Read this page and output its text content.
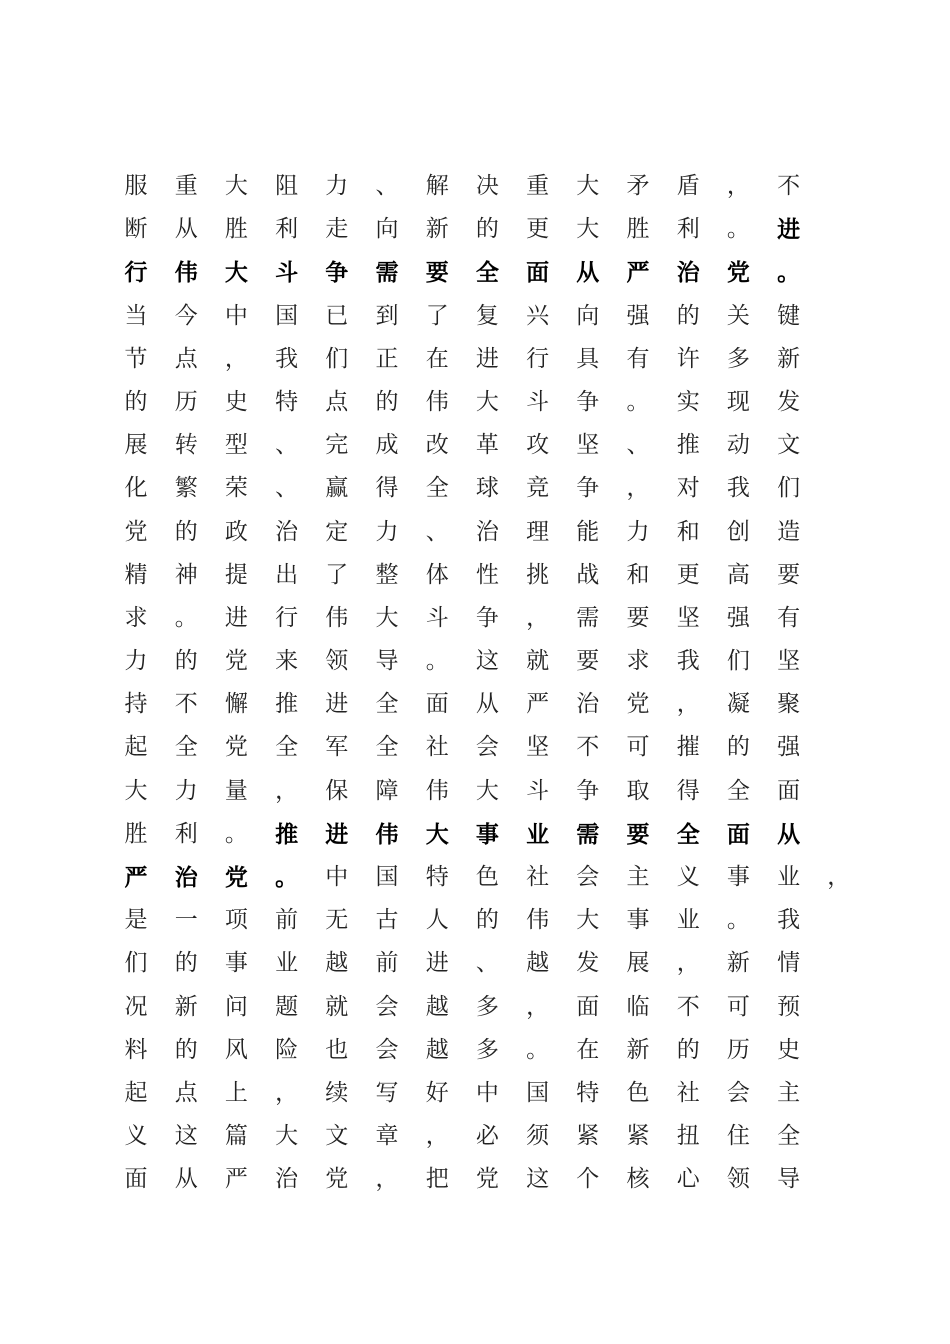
服 重 大 阻 力 、 解 决 重 大 矛 盾 ， 不
断 从 胜 利 走 向 新 的 更 大 胜 利 。 进
行 伟 大 斗 争 需 要 全 面 从 严 治 党 。
当 今 中 国 已 到 了 复 兴 向 强 的 关 键
节 点 ， 我 们 正 在 进 行 具 有 许 多 新
的 历 史 特 点 的 伟 大 斗 争 。 实 现 发
展 转 型 、 完 成 改 革 攻 坚 、 推 动 文
化 繁 荣 、 赢 得 全 球 竞 争 ， 对 我 们
党 的 政 治 定 力 、 治 理 能 力 和 创 造
精 神 提 出 了 整 体 性 挑 战 和 更 高 要
求 。 进 行 伟 大 斗 争 ， 需 要 坚 强 有
力 的 党 来 领 导 。 这 就 要 求 我 们 坚
持 不 懈 推 进 全 面 从 严 治 党 ， 凝 聚
起 全 党 全 军 全 社 会 坚 不 可 摧 的 强
大 力 量 ， 保 障 伟 大 斗 争 取 得 全 面
胜 利 。 推 进 伟 大 事 业 需 要 全 面 从
严 治 党 。 中 国 特 色 社 会 主 义 事 业 ，
是 一 项 前 无 古 人 的 伟 大 事 业 。 我
们 的 事 业 越 前 进 、 越 发 展 ， 新 情
况 新 问 题 就 会 越 多 ， 面 临 不 可 预
料 的 风 险 也 会 越 多 。 在 新 的 历 史
起 点 上 ， 续 写 好 中 国 特 色 社 会 主
义 这 篇 大 文 章 ， 必 须 紧 紧 扭 住 全
面 从 严 治 党 ， 把 党 这 个 核 心 领 导
